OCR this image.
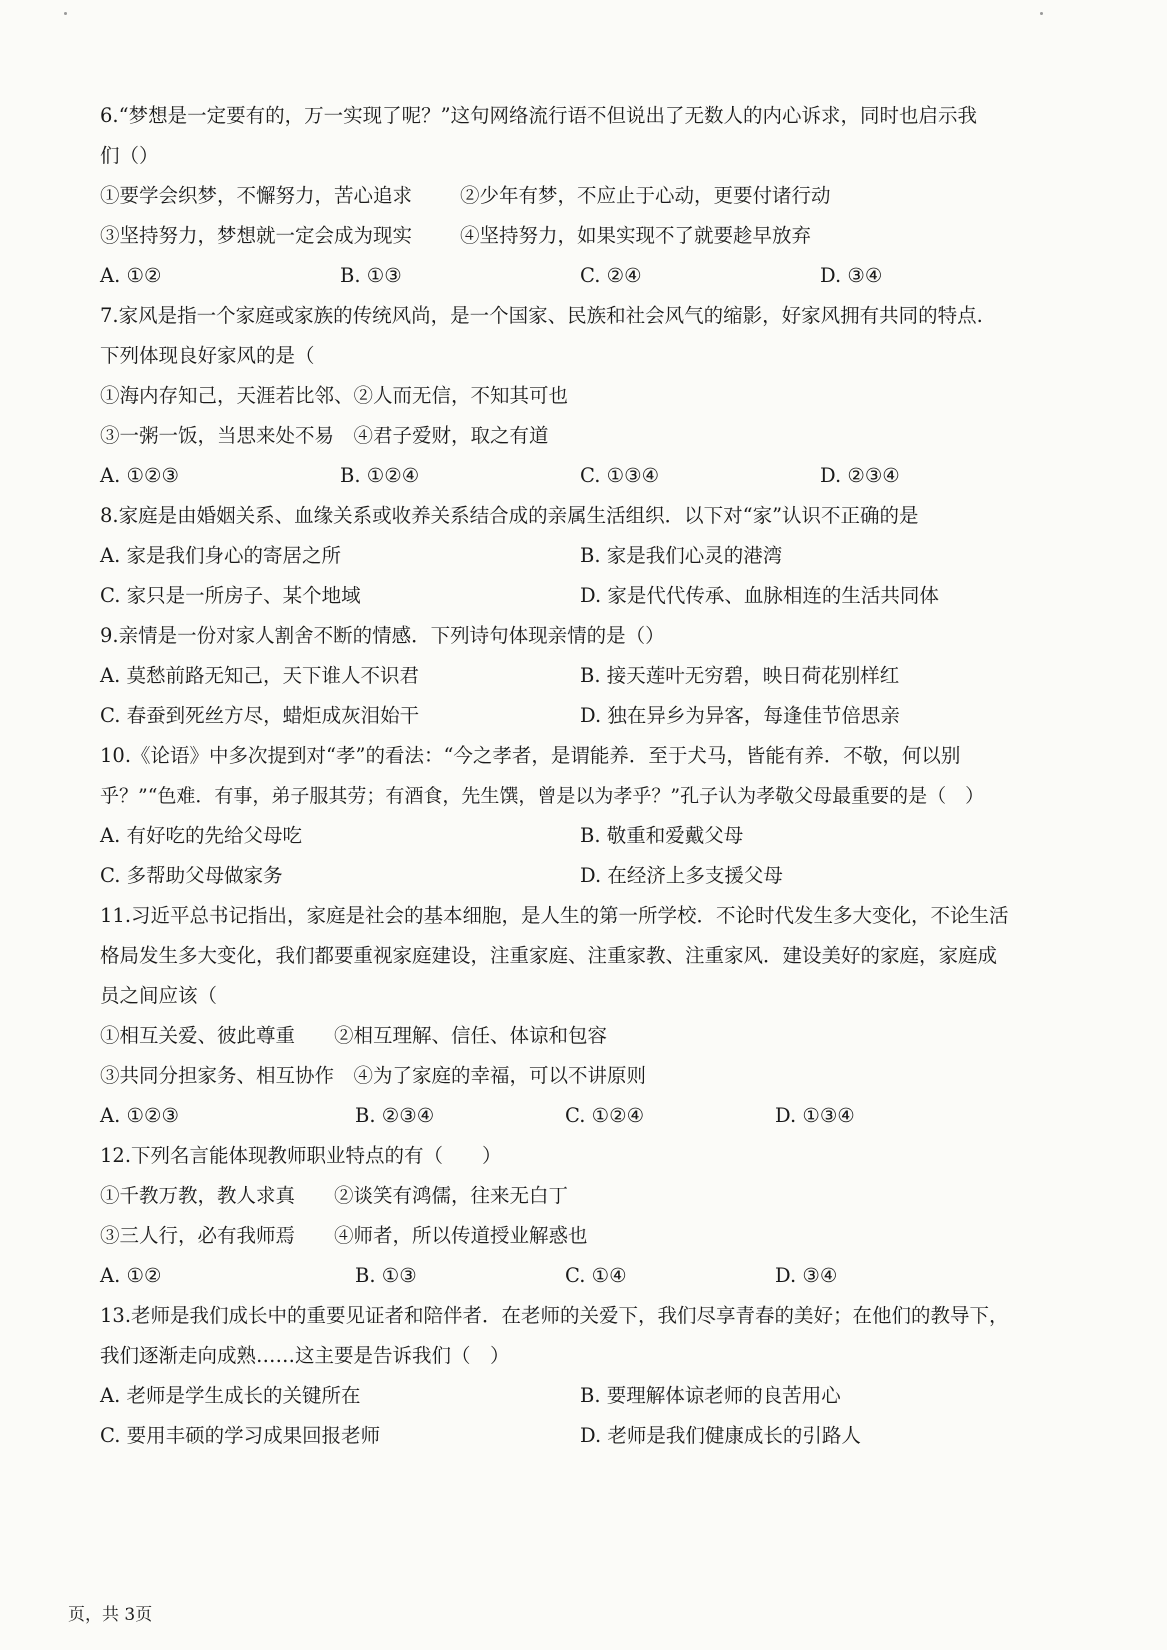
6.“梦想是一定要有的，万一实现了呢？”这句网络流行语不但说出了无数人的内心诉求，同时也启示我
们（）
①要学会织梦，不懈努力，苦心追求	②少年有梦，不应止于心动，更要付诸行动
③坚持努力，梦想就一定会成为现实	④坚持努力，如果实现不了就要趁早放弃
A. ①②	B. ①③	C. ②④	D. ③④
7.家风是指一个家庭或家族的传统风尚，是一个国家、民族和社会风气的缩影，好家风拥有共同的特点.
下列体现良好家风的是（
①海内存知己，天涯若比邻、②人而无信，不知其可也
③一粥一饭，当思来处不易　④君子爱财，取之有道
A. ①②③	B. ①②④	C. ①③④	D. ②③④
8.家庭是由婚姻关系、血缘关系或收养关系结合成的亲属生活组织．以下对“家”认识不正确的是
A. 家是我们身心的寄居之所	B. 家是我们心灵的港湾
C. 家只是一所房子、某个地域	D. 家是代代传承、血脉相连的生活共同体
9.亲情是一份对家人割舍不断的情感．下列诗句体现亲情的是（）
A. 莫愁前路无知己，天下谁人不识君	B. 接天莲叶无穷碧，映日荷花别样红
C. 春蚕到死丝方尽，蜡炬成灰泪始干	D. 独在异乡为异客，每逢佳节倍思亲
10.《论语》中多次提到对“孝”的看法：“今之孝者，是谓能养．至于犬马，皆能有养．不敬，何以别
乎？”“色难．有事，弟子服其劳；有酒食，先生馔，曾是以为孝乎？”孔子认为孝敬父母最重要的是（　）
A. 有好吃的先给父母吃	B. 敬重和爱戴父母
C. 多帮助父母做家务	D. 在经济上多支援父母
11.习近平总书记指出，家庭是社会的基本细胞，是人生的第一所学校．不论时代发生多大变化，不论生活
格局发生多大变化，我们都要重视家庭建设，注重家庭、注重家教、注重家风．建设美好的家庭，家庭成
员之间应该（
①相互关爱、彼此尊重　　②相互理解、信任、体谅和包容
③共同分担家务、相互协作　④为了家庭的幸福，可以不讲原则
A. ①②③	B. ②③④	C. ①②④	D. ①③④
12.下列名言能体现教师职业特点的有（　　）
①千教万教，教人求真　　②谈笑有鸿儒，往来无白丁
③三人行，必有我师焉　　④师者，所以传道授业解惑也
A. ①②	B. ①③	C. ①④	D. ③④
13.老师是我们成长中的重要见证者和陪伴者．在老师的关爱下，我们尽享青春的美好；在他们的教导下，
我们逐渐走向成熟……这主要是告诉我们（　）
A. 老师是学生成长的关键所在	B. 要理解体谅老师的良苦用心
C. 要用丰硕的学习成果回报老师	D. 老师是我们健康成长的引路人
页，共 3页
